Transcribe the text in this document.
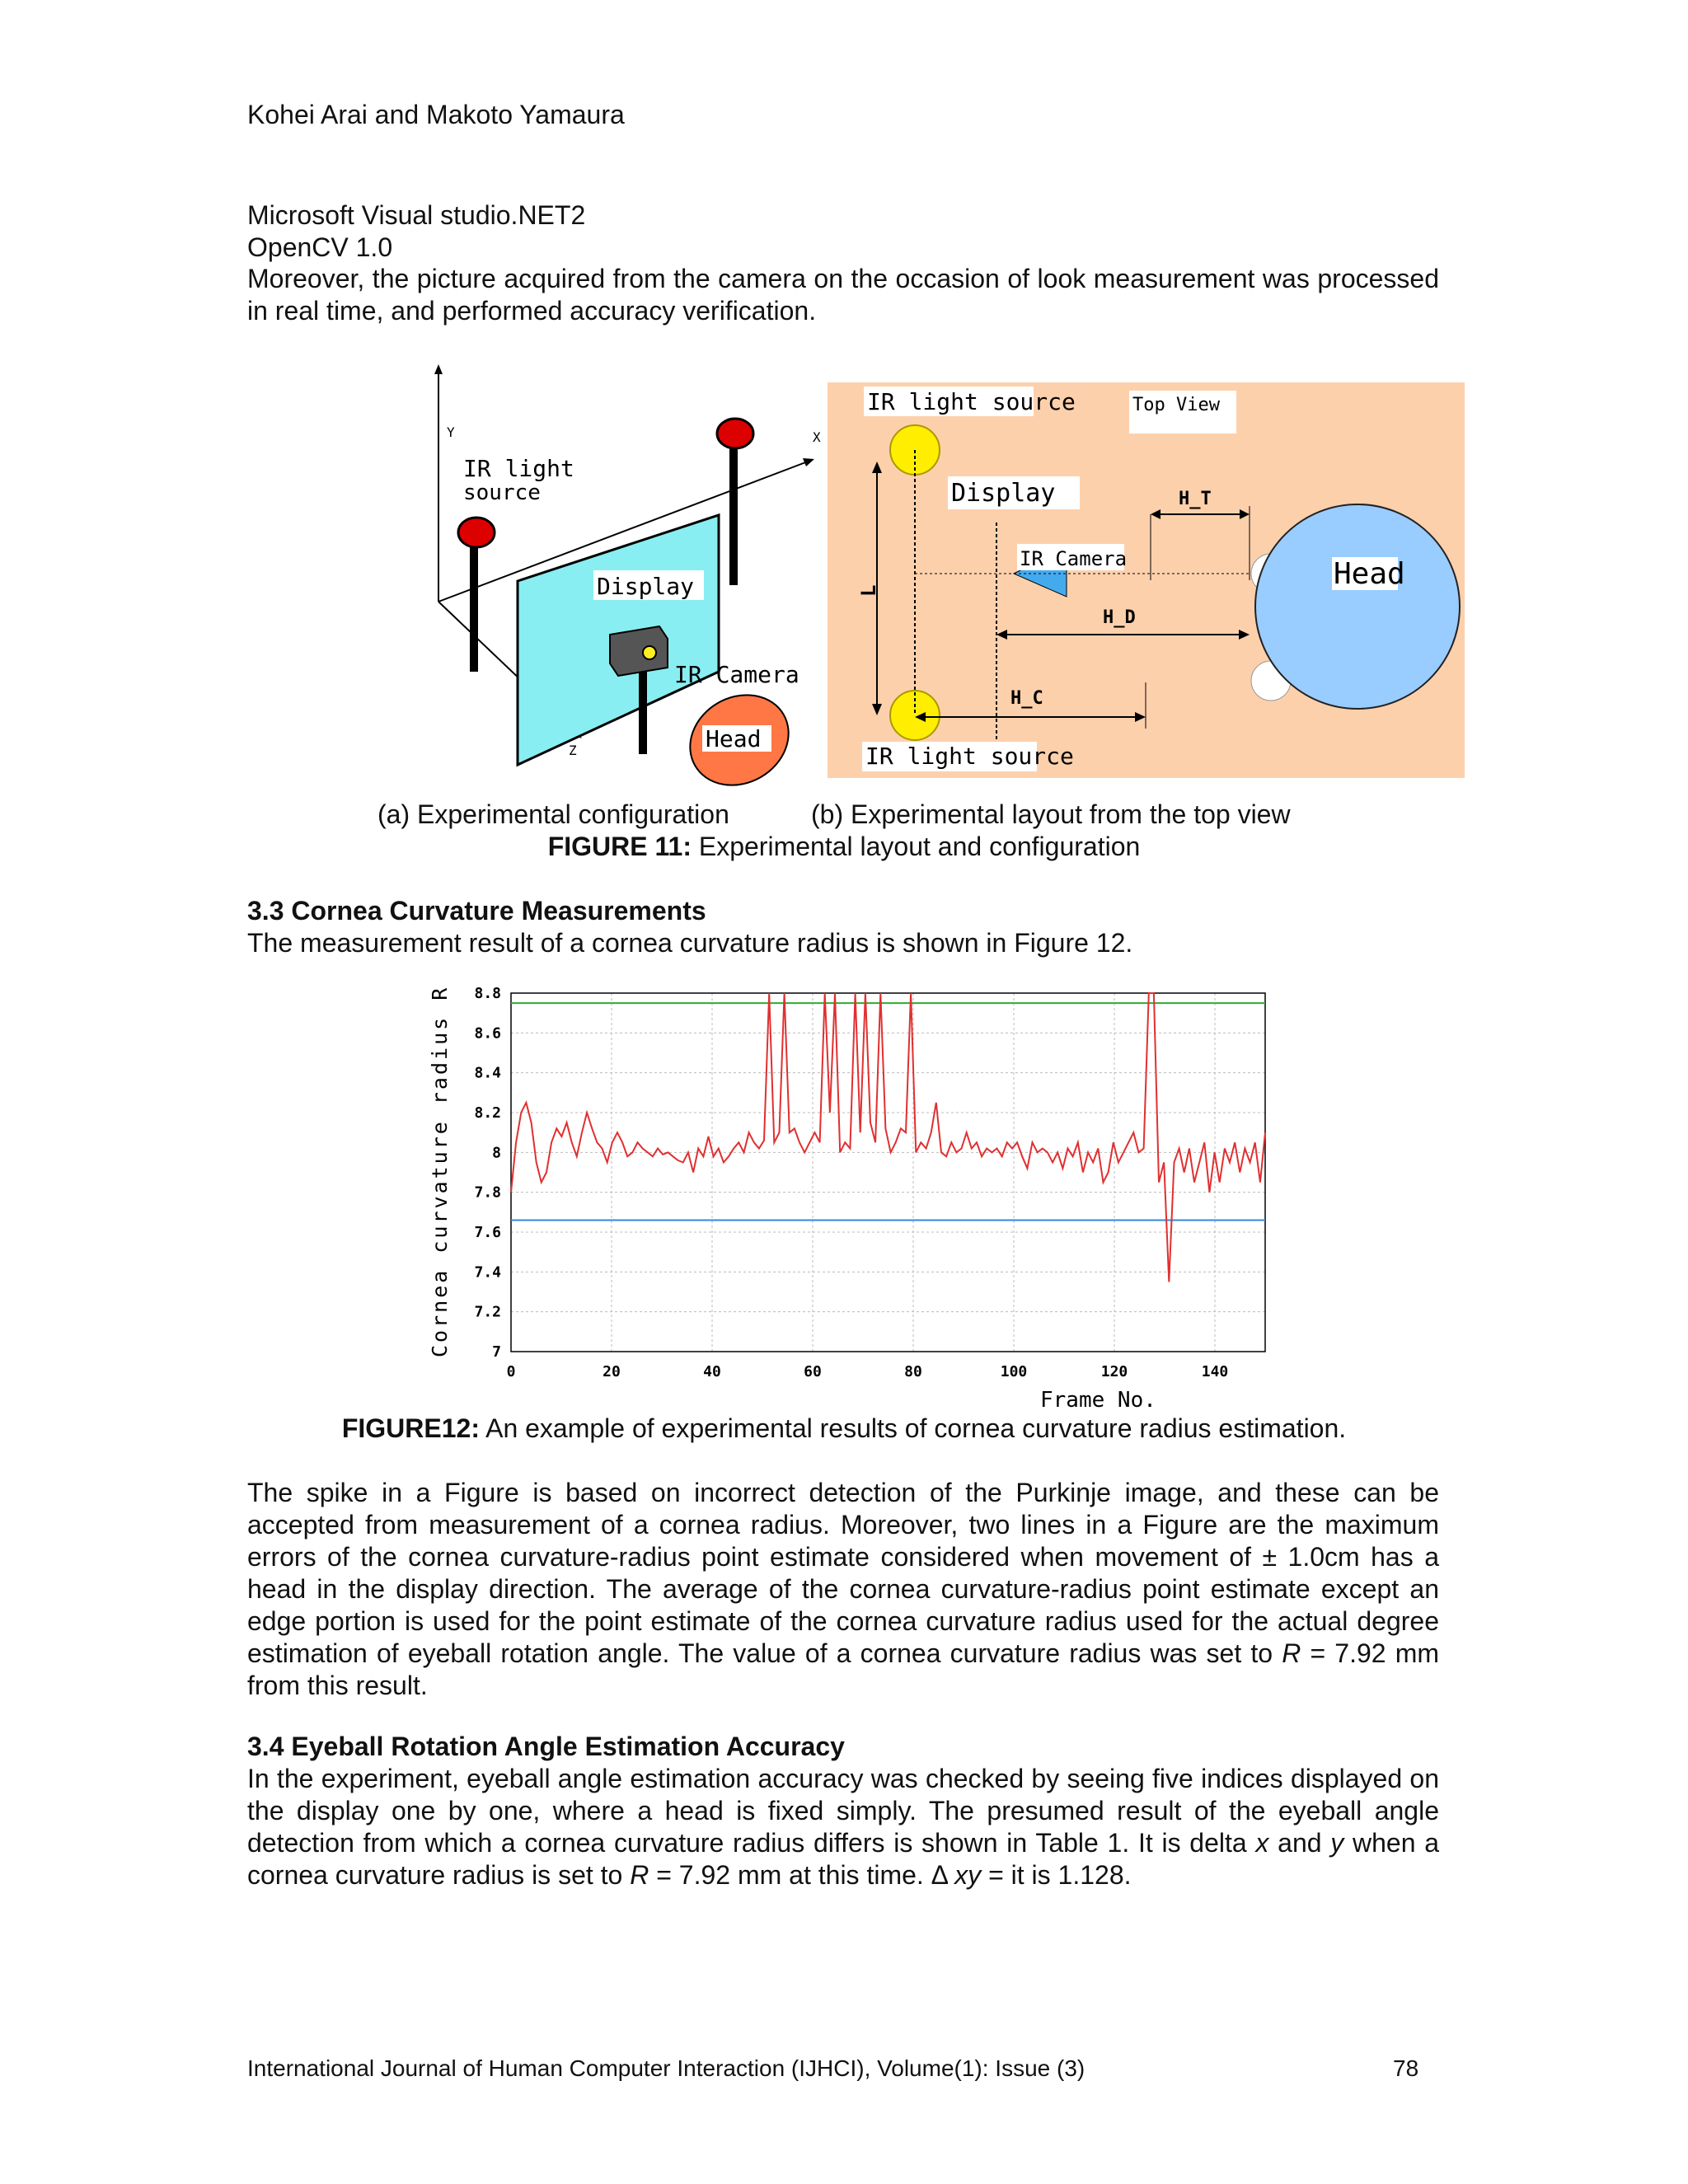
Kohei Arai and Makoto Yamaura
Microsoft Visual studio.NET2
OpenCV 1.0
Moreover, the picture acquired from the camera on the occasion of look measurement was processed in real time, and performed accuracy verification.
Y	X
Z
IR light
source
Display
IR Camera
Head
IR light source	Top View
L
Display
IR Camera
H_T
H_D
H_C
Head
IR light source
(a) Experimental configuration	(b) Experimental layout from the top view
FIGURE 11: Experimental layout and configuration
3.3 Cornea Curvature Measurements
The measurement result of a cornea curvature radius is shown in Figure 12.
0	20	40	60	80	100	120	140
7
7.2
7.4
7.6
7.8
8
8.2
8.4
8.6
8.8
Frame No.
Cornea curvature radius R
FIGURE12: An example of experimental results of cornea curvature radius estimation.
The spike in a Figure is based on incorrect detection of the Purkinje image, and these can be accepted from measurement of a cornea radius. Moreover, two lines in a Figure are the maximum errors of the cornea curvature-radius point estimate considered when movement of ± 1.0cm has a head in the display direction. The average of the cornea curvature-radius point estimate except an edge portion is used for the point estimate of the cornea curvature radius used for the actual degree estimation of eyeball rotation angle. The value of a cornea curvature radius was set to R = 7.92 mm from this result.
3.4 Eyeball Rotation Angle Estimation Accuracy
In the experiment, eyeball angle estimation accuracy was checked by seeing five indices displayed on the display one by one, where a head is fixed simply. The presumed result of the eyeball angle detection from which a cornea curvature radius differs is shown in Table 1. It is delta x and y when a cornea curvature radius is set to R = 7.92 mm at this time. Δ xy = it is 1.128.
International Journal of Human Computer Interaction (IJHCI), Volume(1): Issue (3)	78
